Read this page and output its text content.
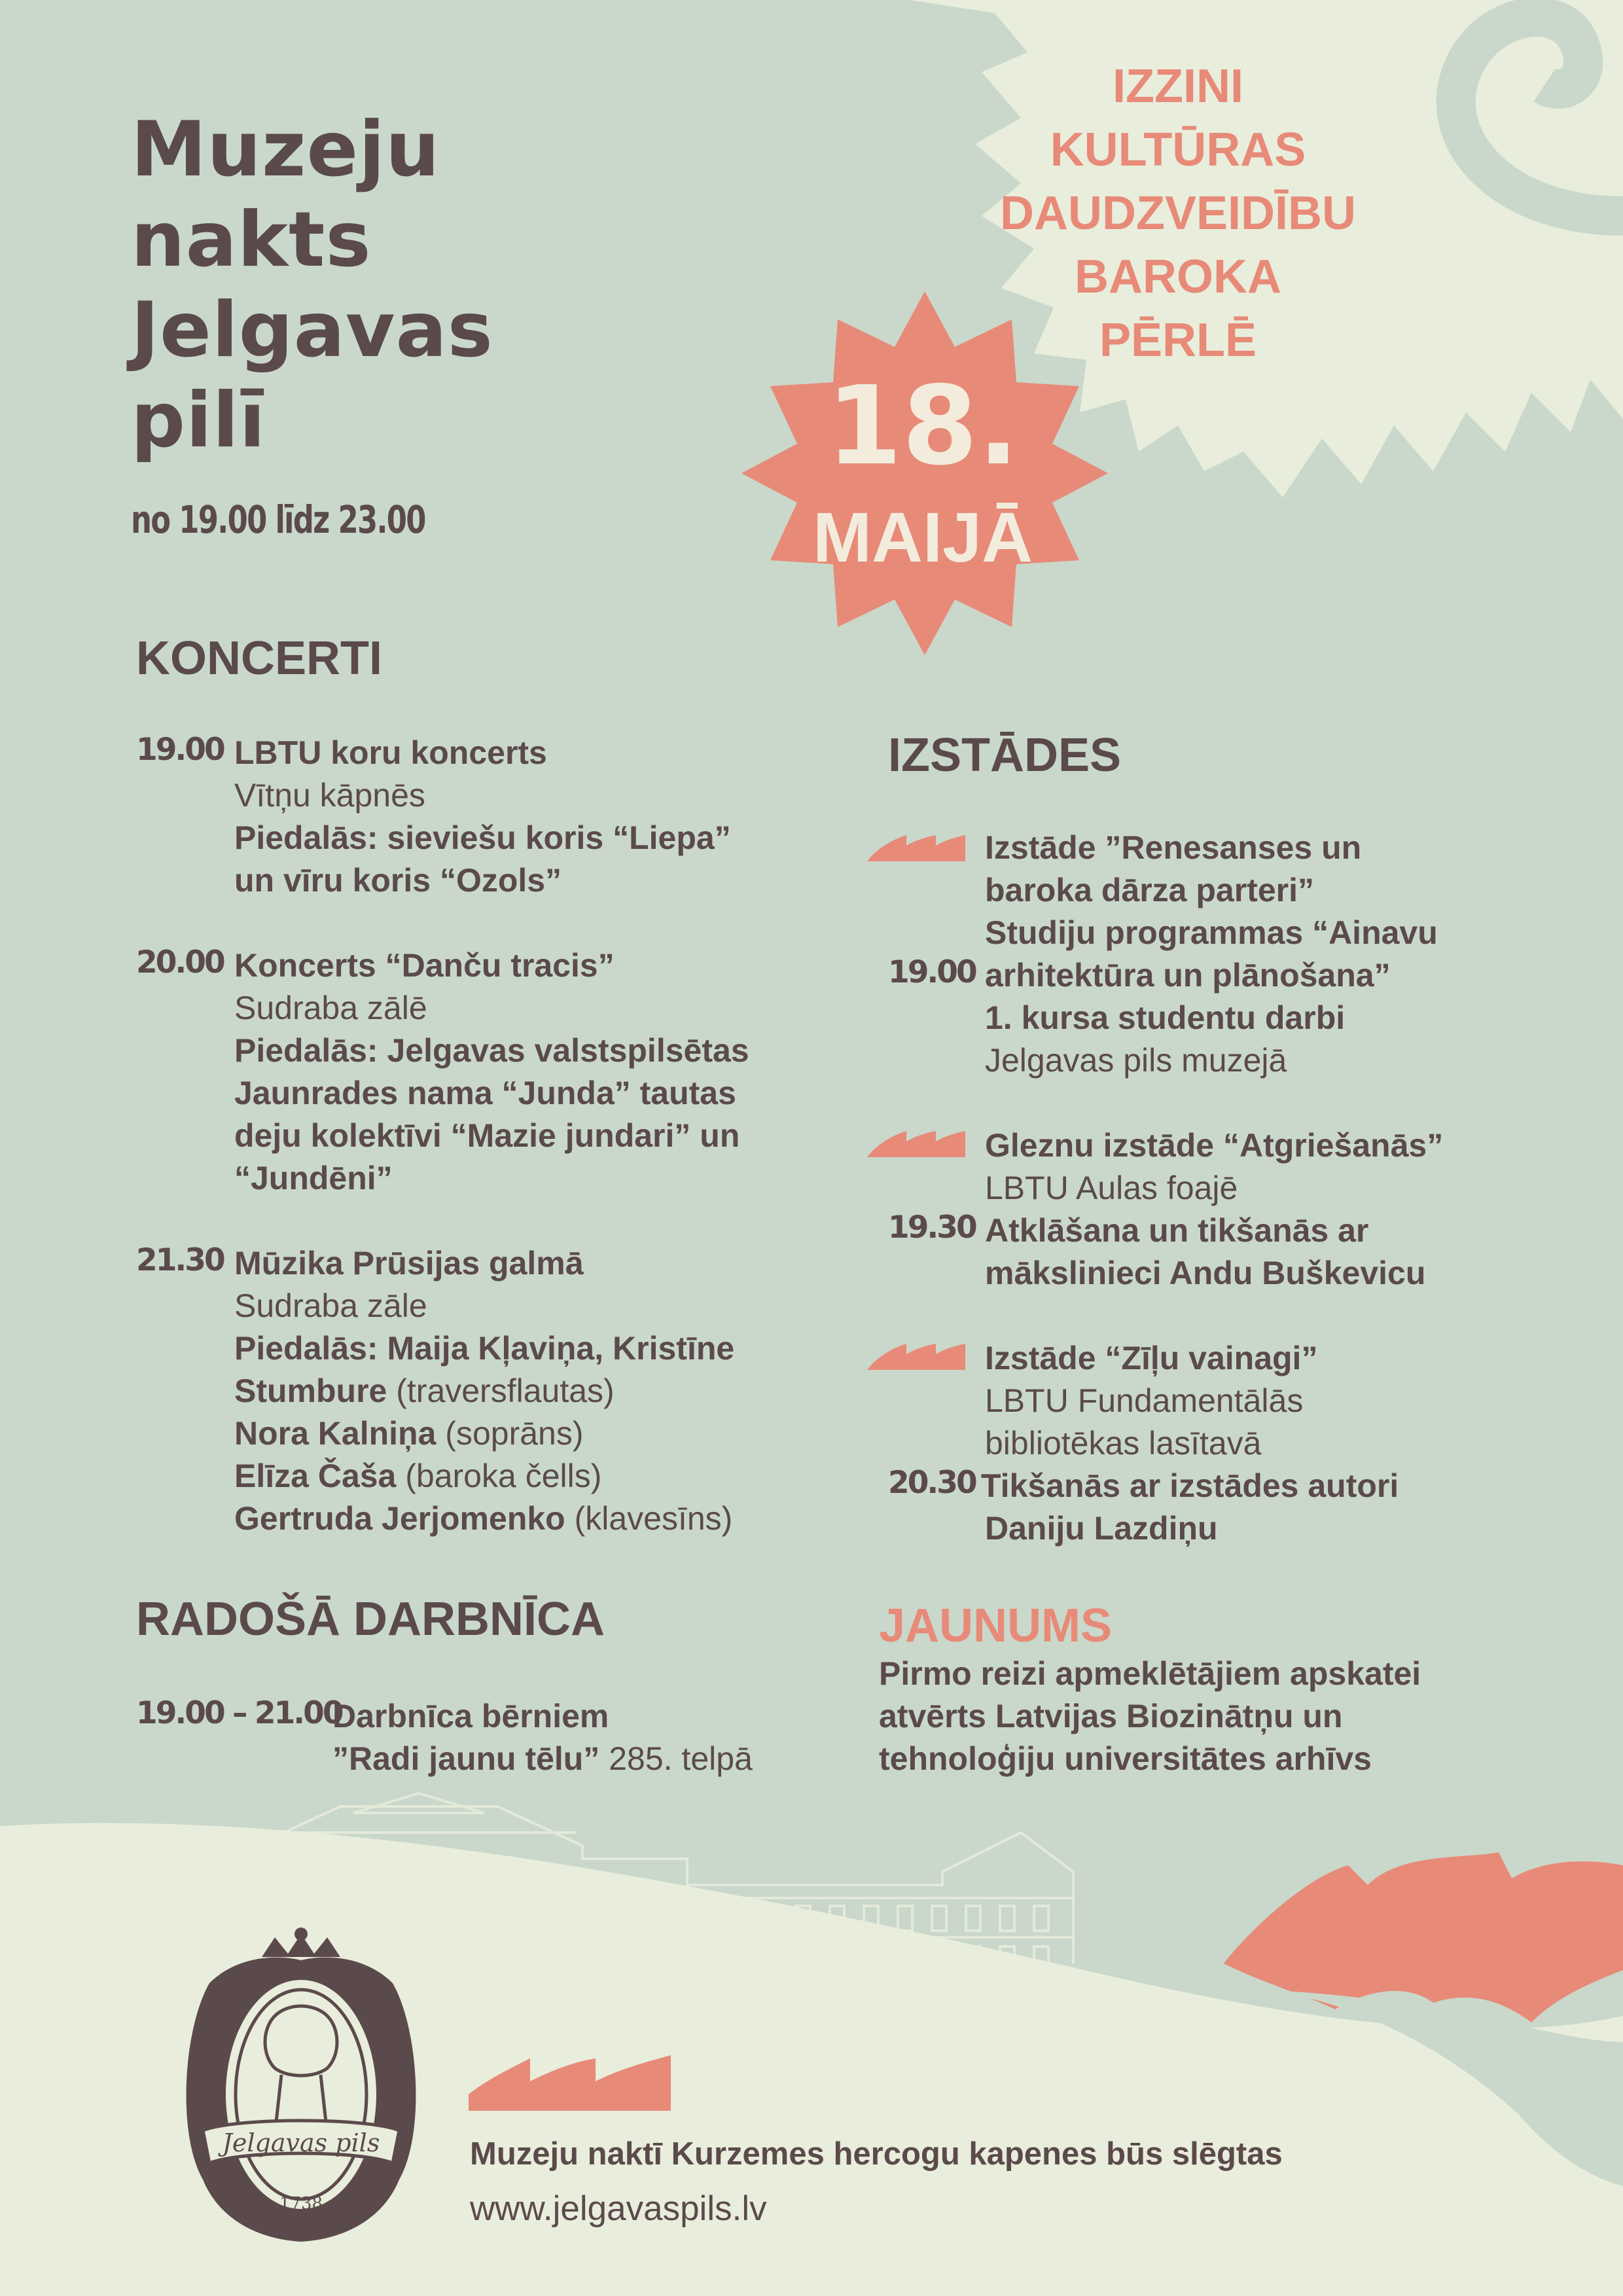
Jelgavas pils
1738
Muzeju
nakts
Jelgavas
pilī
no 19.00 līdz 23.00
IZZINI
KULTŪRAS
DAUDZVEIDĪBU
BAROKA
PĒRLĒ
18.
MAIJĀ
KONCERTI
19.00 LBTU koru koncerts
Vītņu kāpnēs
Piedalās: sieviešu koris “Liepa”
un vīru koris “Ozols”
20.00 Koncerts “Danču tracis”
Sudraba zālē
Piedalās: Jelgavas valstspilsētas
Jaunrades nama “Junda” tautas
deju kolektīvi “Mazie jundari” un
“Jundēni”
21.30 Mūzika Prūsijas galmā
Sudraba zāle
Piedalās: Maija Kļaviņa, Kristīne
Stumbure (traversflautas)
Nora Kalniņa (soprāns)
Elīza Čaša (baroka čells)
Gertruda Jerjomenko (klavesīns)
RADOŠĀ DARBNĪCA
19.00 – 21.00
Darbnīca bērniem
”Radi jaunu tēlu” 285. telpā
IZSTĀDES
Izstāde ”Renesanses un
baroka dārza parteri”
Studiju programmas “Ainavu
arhitektūra un plānošana”
1. kursa studentu darbi
Jelgavas pils muzejā
19.00
Gleznu izstāde “Atgriešanās”
LBTU Aulas foajē
Atklāšana un tikšanās ar
mākslinieci Andu Buškevicu
19.30
Izstāde “Zīļu vainagi”
LBTU Fundamentālās
bibliotēkas lasītavā
20.30 Tikšanās ar izstādes autori
Daniju Lazdiņu
JAUNUMS
Pirmo reizi apmeklētājiem apskatei
atvērts Latvijas Biozinātņu un
tehnoloģiju universitātes arhīvs
Muzeju naktī Kurzemes hercogu kapenes būs slēgtas
www.jelgavaspils.lv
